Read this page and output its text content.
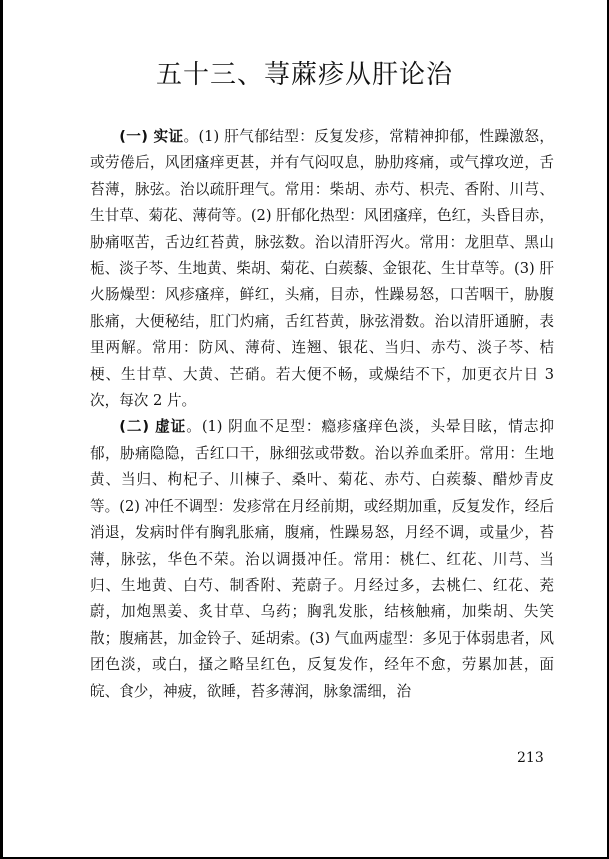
五十三、荨蔴疹从肝论治

(一) 实证。(1) 肝气郁结型：反复发疹，常精神抑郁，性躁激怒，或劳倦后，风团瘙痒更甚，并有气闷叹息，胁肋疼痛，或气撑攻逆，舌苔薄，脉弦。治以疏肝理气。常用：柴胡、赤芍、枳壳、香附、川芎、生甘草、菊花、薄荷等。(2) 肝郁化热型：风团瘙痒，色红，头昏目赤，胁痛呕苦，舌边红苔黄，脉弦数。治以清肝泻火。常用：龙胆草、黑山栀、淡子芩、生地黄、柴胡、菊花、白蒺藜、金银花、生甘草等。(3) 肝火肠燥型：风疹瘙痒，鲜红，头痛，目赤，性躁易怒，口苦咽干，胁腹胀痛，大便秘结，肛门灼痛，舌红苔黄，脉弦滑数。治以清肝通腑，表里两解。常用：防风、薄荷、连翘、银花、当归、赤芍、淡子芩、桔梗、生甘草、大黄、芒硝。若大便不畅，或燥结不下，加更衣片日 3 次，每次 2 片。

(二) 虚证。(1) 阴血不足型：瘾疹瘙痒色淡，头晕目眩，情志抑郁，胁痛隐隐，舌红口干，脉细弦或带数。治以养血柔肝。常用：生地黄、当归、枸杞子、川楝子、桑叶、菊花、赤芍、白蒺藜、醋炒青皮等。(2) 冲任不调型：发疹常在月经前期，或经期加重，反复发作，经后消退，发病时伴有胸乳胀痛，腹痛，性躁易怒，月经不调，或量少，苔薄，脉弦，华色不荣。治以调摄冲任。常用：桃仁、红花、川芎、当归、生地黄、白芍、制香附、茺蔚子。月经过多，去桃仁、红花、茺蔚，加炮黑姜、炙甘草、乌药；胸乳发胀，结核触痛，加柴胡、失笑散；腹痛甚，加金铃子、延胡索。(3) 气血两虚型：多见于体弱患者，风团色淡，或白，搔之略呈红色，反复发作，经年不愈，劳累加甚，面皖、食少，神疲，欲睡，苔多薄润，脉象濡细，治

213
